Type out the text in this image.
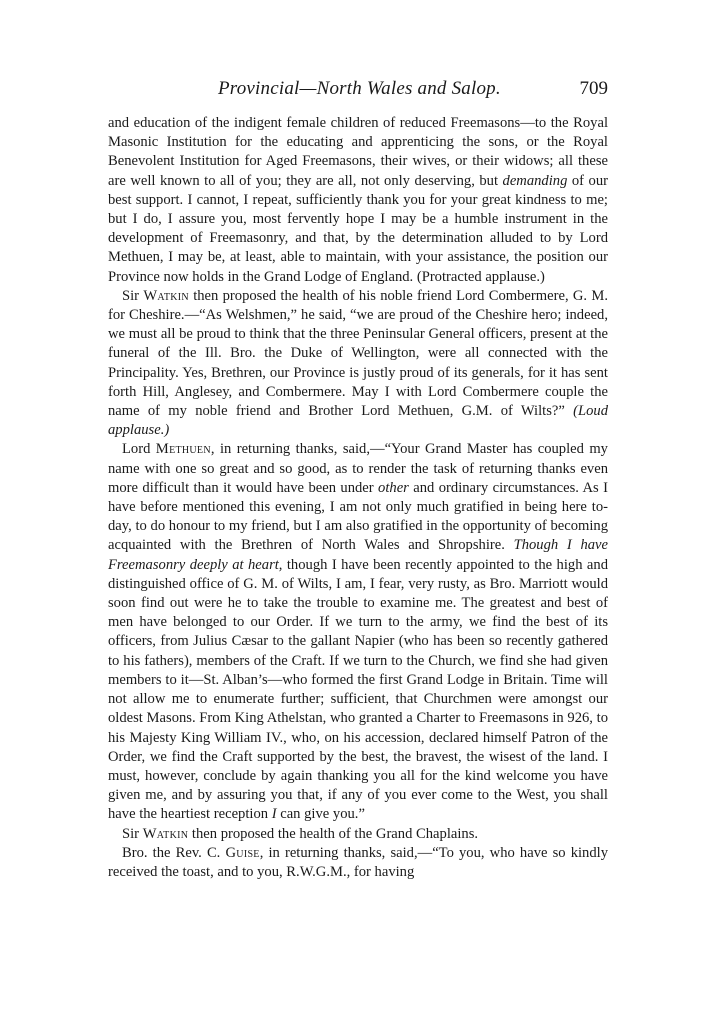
Provincial—North Wales and Salop.	709

and education of the indigent female children of reduced Freemasons—to the Royal Masonic Institution for the educating and apprenticing the sons, or the Royal Benevolent Institution for Aged Freemasons, their wives, or their widows; all these are well known to all of you; they are all, not only deserving, but demanding of our best support. I cannot, I repeat, sufficiently thank you for your great kindness to me; but I do, I assure you, most fervently hope I may be a humble instrument in the development of Freemasonry, and that, by the determination alluded to by Lord Methuen, I may be, at least, able to maintain, with your assistance, the position our Province now holds in the Grand Lodge of England. (Protracted applause.)

Sir Watkin then proposed the health of his noble friend Lord Combermere, G. M. for Cheshire.—“As Welshmen,” he said, “we are proud of the Cheshire hero; indeed, we must all be proud to think that the three Peninsular General officers, present at the funeral of the Ill. Bro. the Duke of Wellington, were all connected with the Principality. Yes, Brethren, our Province is justly proud of its generals, for it has sent forth Hill, Anglesey, and Combermere. May I with Lord Combermere couple the name of my noble friend and Brother Lord Methuen, G.M. of Wilts?” (Loud applause.)

Lord Methuen, in returning thanks, said,—“Your Grand Master has coupled my name with one so great and so good, as to render the task of returning thanks even more difficult than it would have been under other and ordinary circumstances. As I have before mentioned this evening, I am not only much gratified in being here to-day, to do honour to my friend, but I am also gratified in the opportunity of becoming acquainted with the Brethren of North Wales and Shropshire. Though I have Freemasonry deeply at heart, though I have been recently appointed to the high and distinguished office of G. M. of Wilts, I am, I fear, very rusty, as Bro. Marriott would soon find out were he to take the trouble to examine me. The greatest and best of men have belonged to our Order. If we turn to the army, we find the best of its officers, from Julius Cæsar to the gallant Napier (who has been so recently gathered to his fathers), members of the Craft. If we turn to the Church, we find she had given members to it—St. Alban’s—who formed the first Grand Lodge in Britain. Time will not allow me to enumerate further; sufficient, that Churchmen were amongst our oldest Masons. From King Athelstan, who granted a Charter to Freemasons in 926, to his Majesty King William IV., who, on his accession, declared himself Patron of the Order, we find the Craft supported by the best, the bravest, the wisest of the land. I must, however, conclude by again thanking you all for the kind welcome you have given me, and by assuring you that, if any of you ever come to the West, you shall have the heartiest reception I can give you.”

Sir Watkin then proposed the health of the Grand Chaplains.

Bro. the Rev. C. Guise, in returning thanks, said,—“To you, who have so kindly received the toast, and to you, R.W.G.M., for having
